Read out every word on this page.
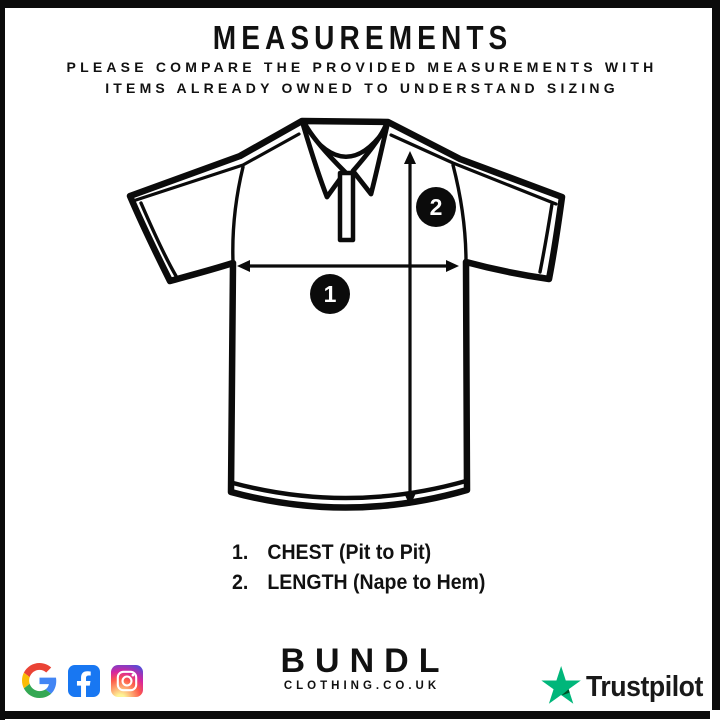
MEASUREMENTS
PLEASE COMPARE THE PROVIDED MEASUREMENTS WITH
ITEMS ALREADY OWNED TO UNDERSTAND SIZING
1
2
1. CHEST (Pit to Pit)
2. LENGTH (Nape to Hem)
BUNDL
CLOTHING.CO.UK	Trustpilot
